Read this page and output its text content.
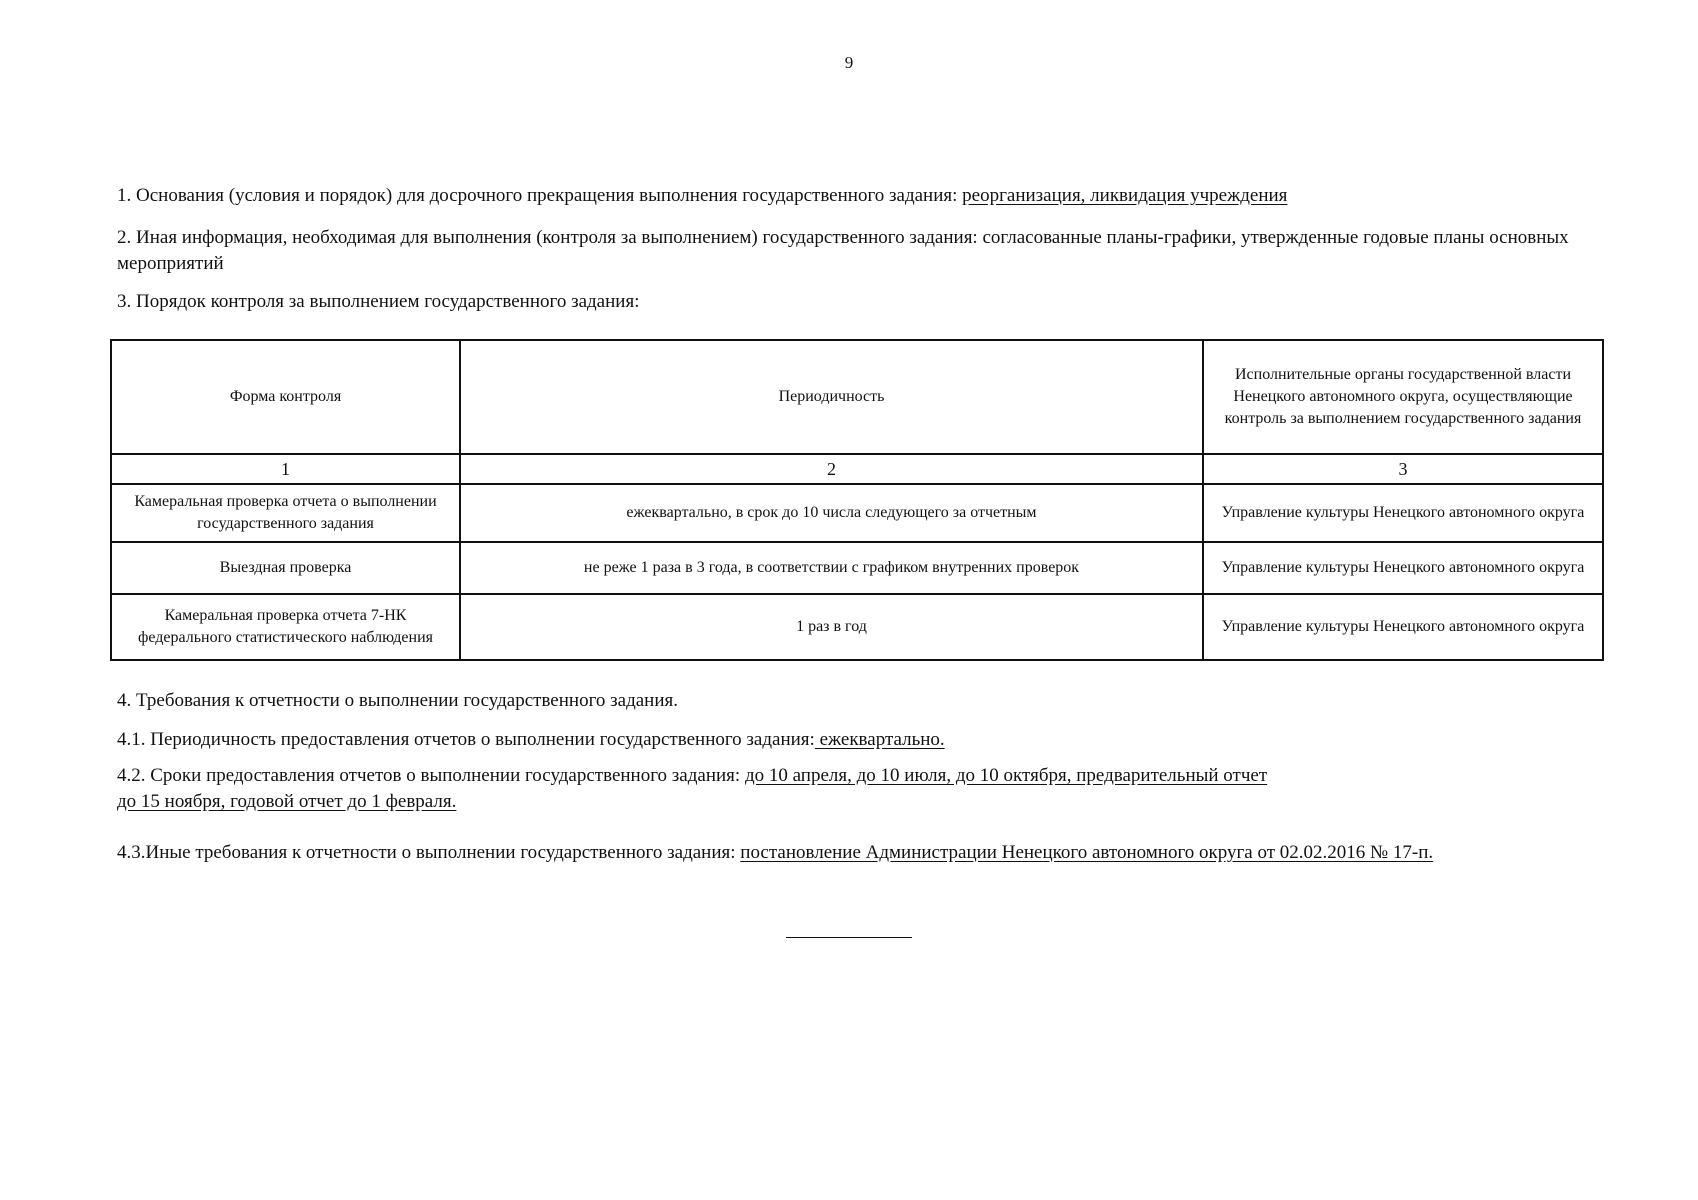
9
1. Основания (условия и порядок) для досрочного прекращения выполнения государственного задания: реорганизация, ликвидация учреждения
2. Иная информация, необходимая для выполнения (контроля за выполнением) государственного задания: согласованные планы-графики, утвержденные годовые планы основных мероприятий
3. Порядок контроля за выполнением государственного задания:
Форма контроля	Периодичность	Исполнительные органы государственной власти Ненецкого автономного округа, осуществляющие контроль за выполнением государственного задания
1	2	3
Камеральная проверка отчета о выполнении государственного задания	ежеквартально, в срок до 10 числа следующего за отчетным	Управление культуры Ненецкого автономного округа
Выездная проверка	не реже 1 раза в 3 года, в соответствии с графиком внутренних проверок	Управление культуры Ненецкого автономного округа
Камеральная проверка отчета 7-НК федерального статистического наблюдения	1 раз в год	Управление культуры Ненецкого автономного округа
4. Требования к отчетности о выполнении государственного задания.
4.1. Периодичность предоставления отчетов о выполнении государственного задания: ежеквартально.
4.2. Сроки предоставления отчетов о выполнении государственного задания: до 10 апреля, до 10 июля, до 10 октября, предварительный отчет
до 15 ноября, годовой отчет до 1 февраля.
4.3.Иные требования к отчетности о выполнении государственного задания: постановление Администрации Ненецкого автономного округа от 02.02.2016 № 17-п.
